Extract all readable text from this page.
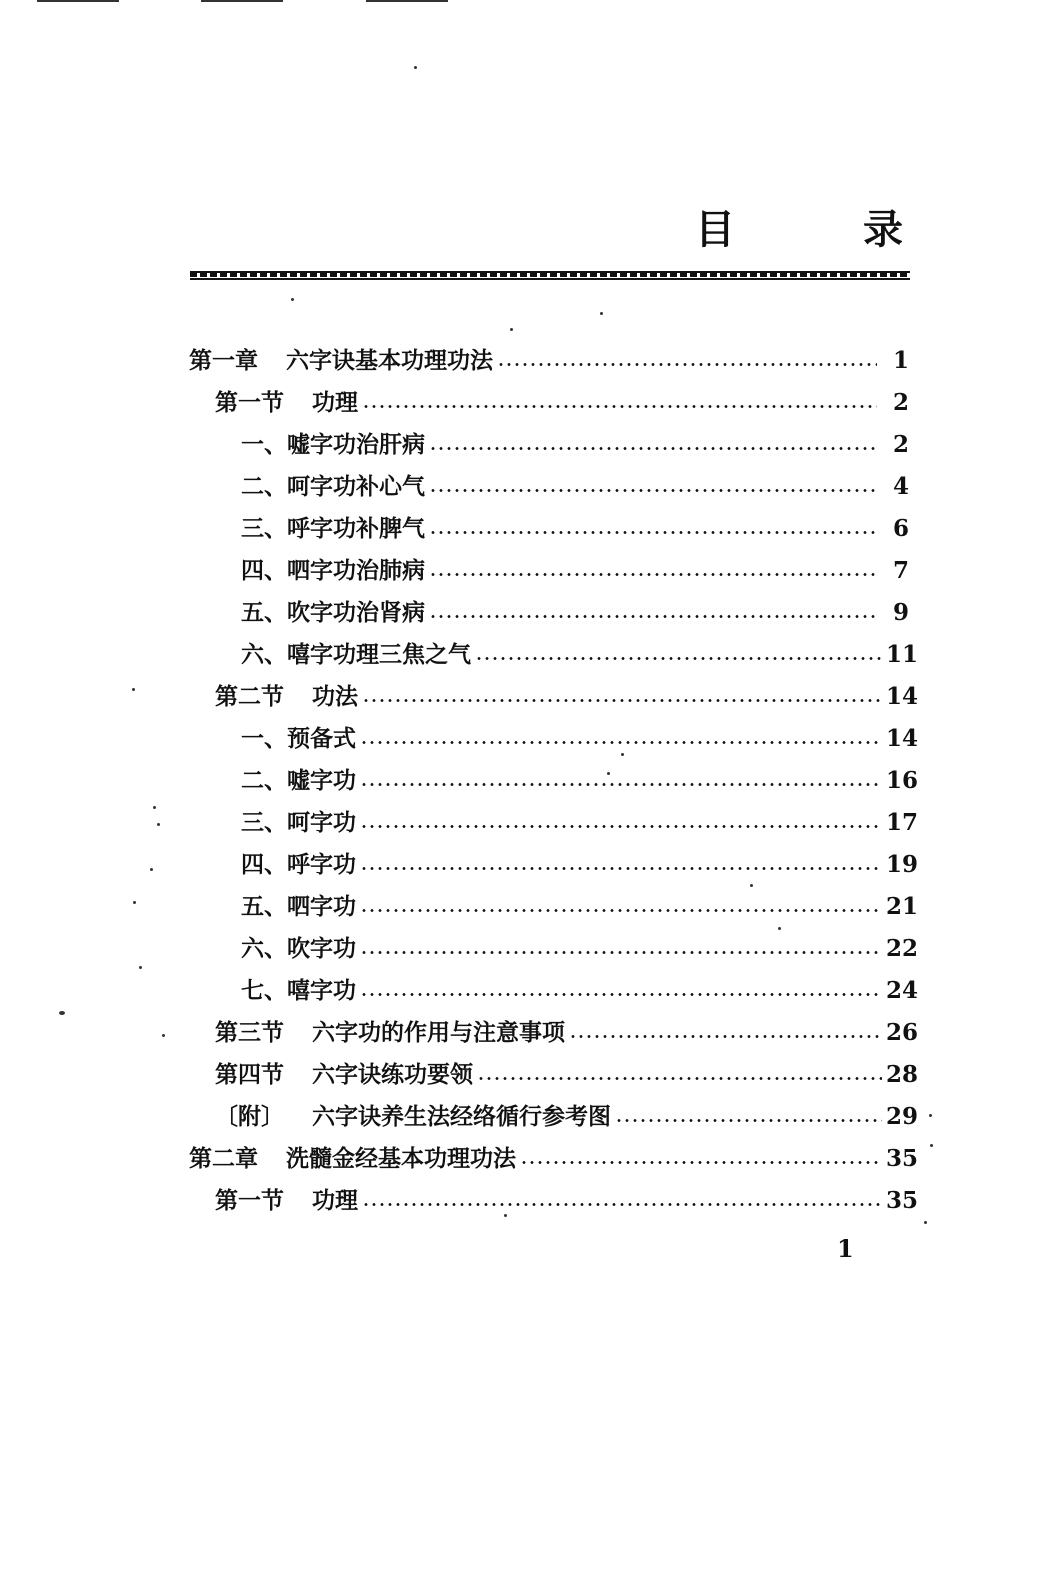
目　录
第一章 六字诀基本功理功法	1
第一节 功理	2
一、嘘字功治肝病	2
二、呵字功补心气	4
三、呼字功补脾气	6
四、呬字功治肺病	7
五、吹字功治肾病	9
六、嘻字功理三焦之气	11
第二节 功法	14
一、预备式	14
二、嘘字功	16
三、呵字功	17
四、呼字功	19
五、呬字功	21
六、吹字功	22
七、嘻字功	24
第三节 六字功的作用与注意事项	26
第四节 六字诀练功要领	28
〔附〕 六字诀养生法经络循行参考图	29
第二章 洗髓金经基本功理功法	35
第一节 功理	35
1
